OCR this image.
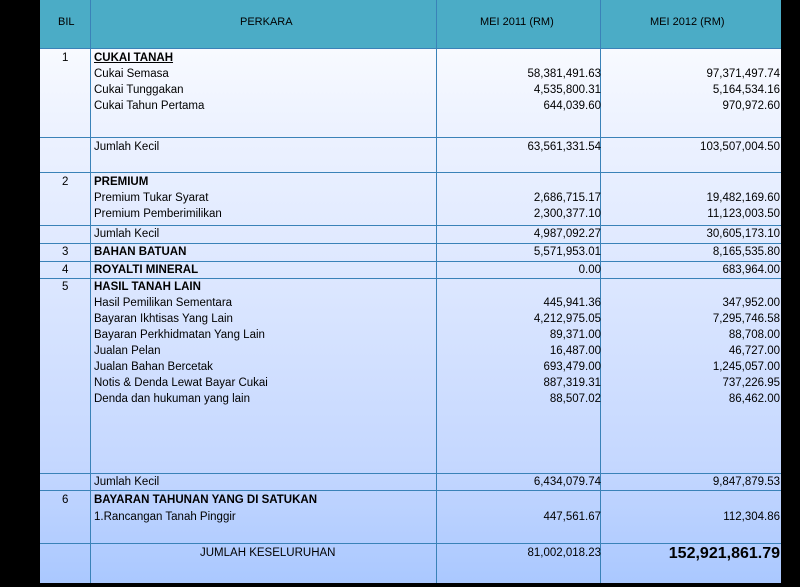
BIL	PERKARA	MEI 2011 (RM)	MEI 2012 (RM)
1 CUKAI TANAH
Cukai Semasa	58,381,491.63	97,371,497.74
Cukai Tunggakan	4,535,800.31	5,164,534.16
Cukai Tahun Pertama	644,039.60	970,972.60
Jumlah Kecil	63,561,331.54	103,507,004.50
2 PREMIUM
Premium Tukar Syarat	2,686,715.17	19,482,169.60
Premium Pemberimilikan	2,300,377.10	11,123,003.50
Jumlah Kecil	4,987,092.27	30,605,173.10
3 BAHAN BATUAN	5,571,953.01	8,165,535.80
4 ROYALTI MINERAL	0.00	683,964.00
5 HASIL TANAH LAIN
Hasil Pemilikan Sementara	445,941.36	347,952.00
Bayaran Ikhtisas Yang Lain	4,212,975.05	7,295,746.58
Bayaran Perkhidmatan Yang Lain	89,371.00	88,708.00
Jualan Pelan	16,487.00	46,727.00
Jualan Bahan Bercetak	693,479.00	1,245,057.00
Notis & Denda Lewat Bayar Cukai	887,319.31	737,226.95
Denda dan hukuman yang lain	88,507.02	86,462.00
Jumlah Kecil	6,434,079.74	9,847,879.53
6 BAYARAN TAHUNAN YANG DI SATUKAN
1.Rancangan Tanah Pinggir	447,561.67	112,304.86
JUMLAH KESELURUHAN	81,002,018.23	152,921,861.79
